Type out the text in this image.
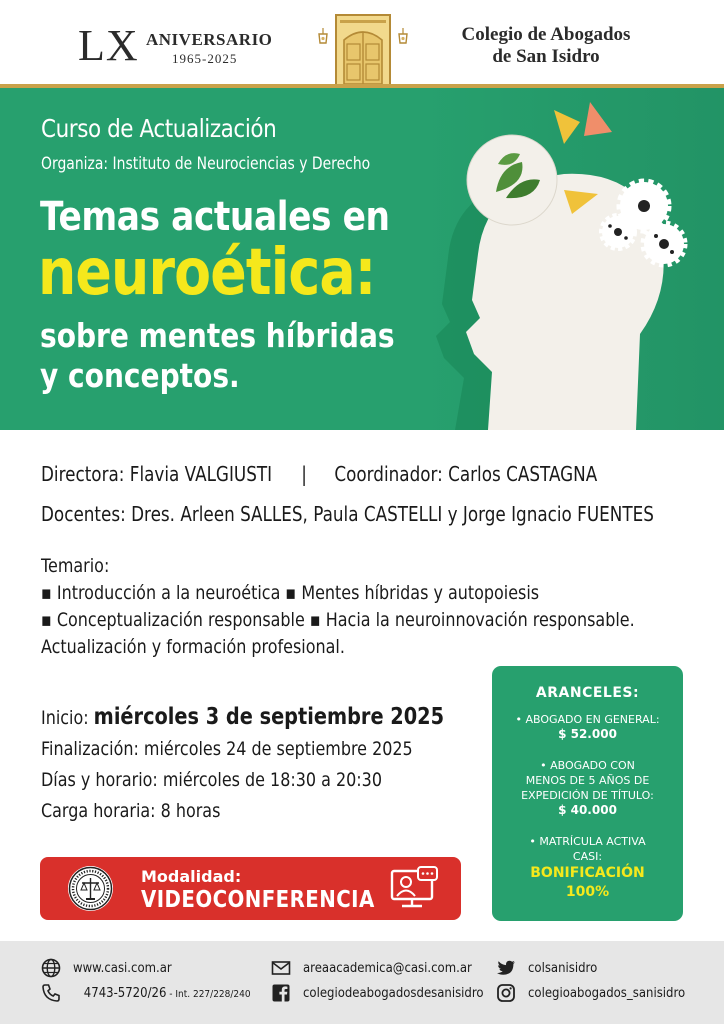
LX ANIVERSARIO
1965-2025
Colegio de Abogados
de San Isidro
Curso de Actualización
Organiza: Instituto de Neurociencias y Derecho
Temas actuales en
neuroética:
sobre mentes híbridas
y conceptos.
Directora: Flavia VALGIUSTI | Coordinador: Carlos CASTAGNA
Docentes: Dres. Arleen SALLES, Paula CASTELLI y Jorge Ignacio FUENTES
Temario:
▪ Introducción a la neuroética ▪ Mentes híbridas y autopoiesis
▪ Conceptualización responsable ▪ Hacia la neuroinnovación responsable.
Actualización y formación profesional.
Inicio: miércoles 3 de septiembre 2025
Finalización: miércoles 24 de septiembre 2025
Días y horario: miércoles de 18:30 a 20:30
Carga horaria: 8 horas
ARANCELES:
• ABOGADO EN GENERAL:
$ 52.000
• ABOGADO CON
MENOS DE 5 AÑOS DE
EXPEDICIÓN DE TÍTULO:
$ 40.000
• MATRÍCULA ACTIVA
CASI:
BONIFICACIÓN
100%
Modalidad:
VIDEOCONFERENCIA
www.casi.com.ar
4743-5720/26 - Int. 227/228/240
areaacademica@casi.com.ar
colegiodeabogadosdesanisidro
colsanisidro
colegioabogados_sanisidro
